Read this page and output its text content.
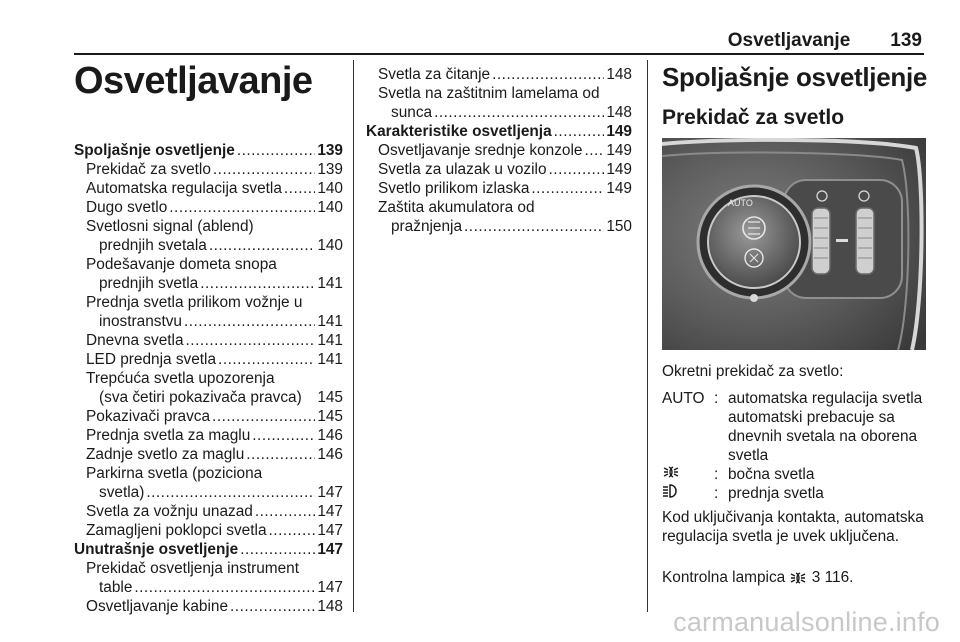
Osvetljavanje 139
Osvetljavanje
Spoljašnje osvetljenje .....	139
Prekidač za svetlo .....	139
Automatska regulacija svetla ..... 140
Dugo svetlo .....	140
Svetlosni signal (ablend)
prednjih svetala .....	140
Podešavanje dometa snopa
prednjih svetla .....	141
Prednja svetla prilikom vožnje u
inostranstvu .....	141
Dnevna svetla .....	141
LED prednja svetla .....	141
Trepćuća svetla upozorenja
(sva četiri pokazivača pravca) 145
Pokazivači pravca .....	145
Prednja svetla za maglu .....	146
Zadnje svetlo za maglu .....	146
Parkirna svetla (poziciona
svetla) .....	147
Svetla za vožnju unazad .....	147
Zamagljeni poklopci svetla .....	147
Unutrašnje osvetljenje .....	147
Prekidač osvetljenja instrument
table .....	147
Osvetljavanje kabine .....	148
Svetla za čitanje .....	148
Svetla na zaštitnim lamelama od
sunca .....	148
Karakteristike osvetljenja .....	149
Osvetljavanje srednje konzole ..... 149
Svetla za ulazak u vozilo .....	149
Svetlo prilikom izlaska .....	149
Zaštita akumulatora od
pražnjenja .....	150
Spoljašnje osvetljenje
Prekidač za svetlo
AUTO
Okretni prekidač za svetlo:
AUTO : automatska regulacija svetla automatski prebacuje sa dnevnih svetala na oborena svetla
: bočna svetla
: prednja svetla
Kod uključivanja kontakta, automatska regulacija svetla je uvek uključena.
Kontrolna lampica 3 116.
carmanualsonline.info
